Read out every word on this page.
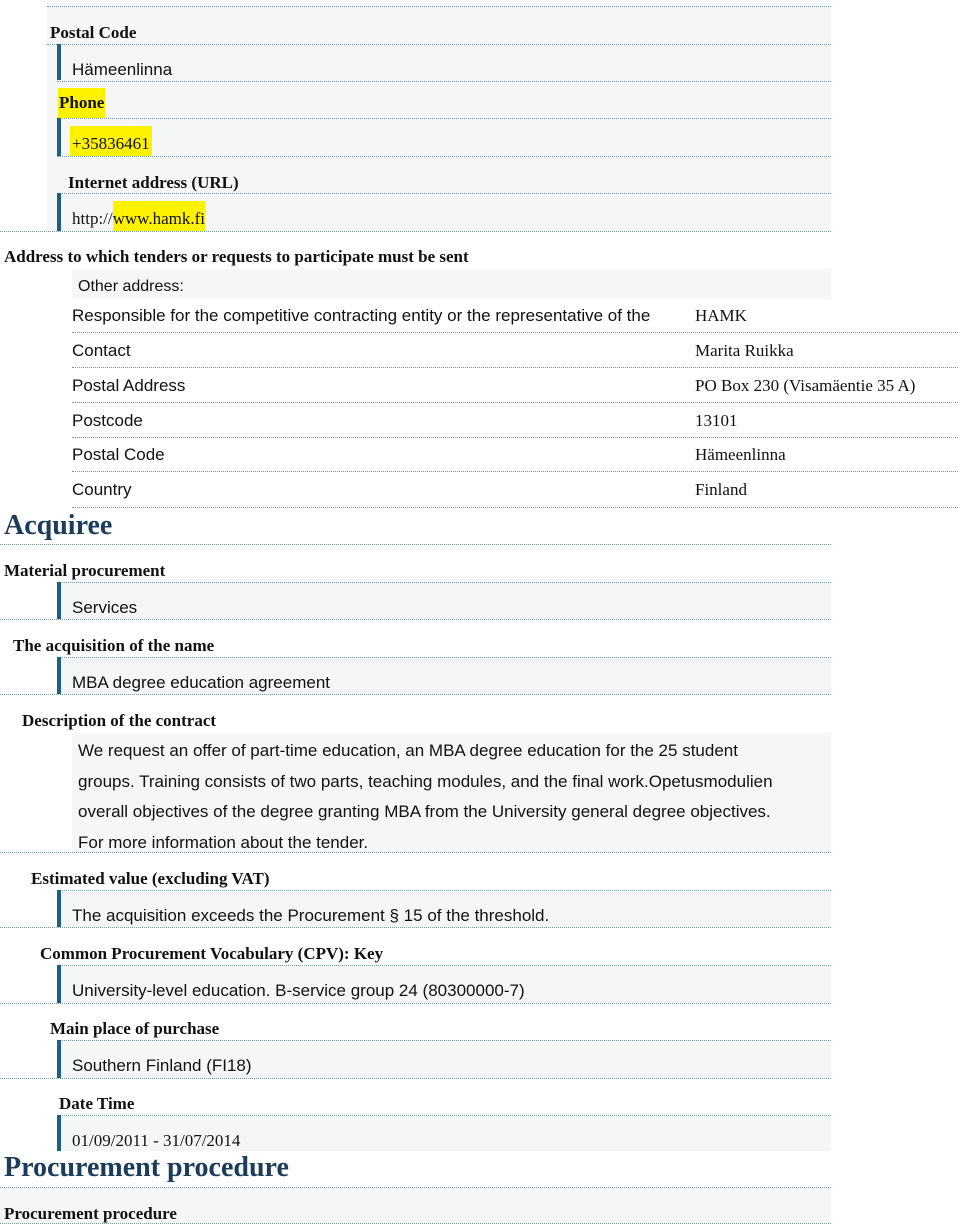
Postal Code
Hämeenlinna
Phone
+35836461
Internet address (URL)
http://www.hamk.fi
Address to which tenders or requests to participate must be sent
Other address:
Responsible for the competitive contracting entity or the representative of the	HAMK
Contact	Marita Ruikka
Postal Address	PO Box 230 (Visamäentie 35 A)
Postcode	13101
Postal Code	Hämeenlinna
Country	Finland
Acquiree
Material procurement
Services
The acquisition of the name
MBA degree education agreement
Description of the contract
We request an offer of part-time education, an MBA degree education for the 25 student
groups. Training consists of two parts, teaching modules, and the final work.Opetusmodulien
overall objectives of the degree granting MBA from the University general degree objectives.
For more information about the tender.
Estimated value (excluding VAT)
The acquisition exceeds the Procurement § 15 of the threshold.
Common Procurement Vocabulary (CPV): Key
University-level education. B-service group 24 (80300000-7)
Main place of purchase
Southern Finland (FI18)
Date Time
01/09/2011 - 31/07/2014
Procurement procedure
Procurement procedure
